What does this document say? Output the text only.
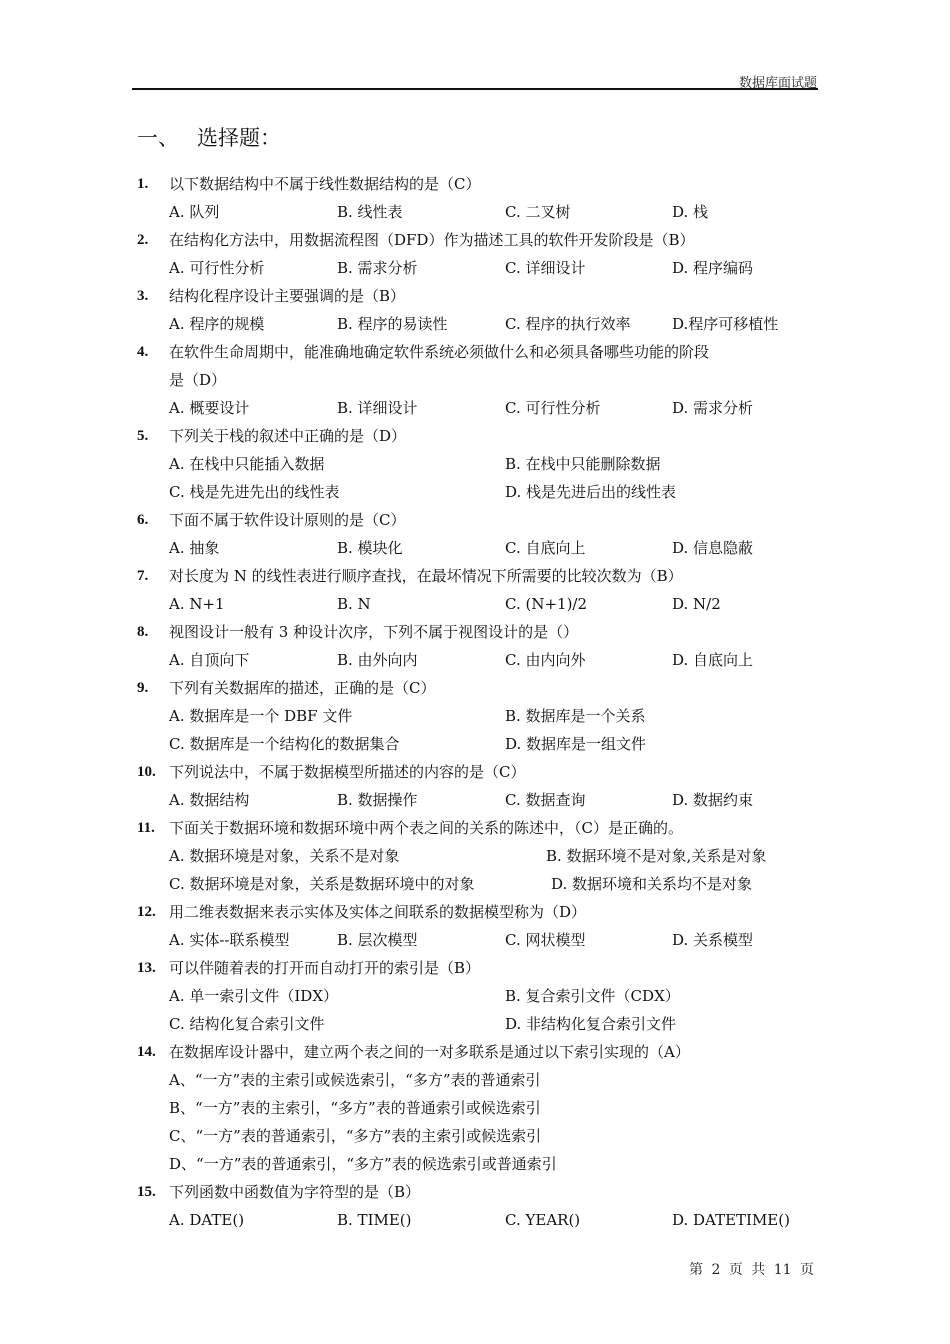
数据库面试题
一、 选择题：
1. 以下数据结构中不属于线性数据结构的是（C）
A. 队列	B. 线性表	C. 二叉树	D. 栈
2. 在结构化方法中，用数据流程图（DFD）作为描述工具的软件开发阶段是（B）
A. 可行性分析	B. 需求分析	C. 详细设计	D. 程序编码
3. 结构化程序设计主要强调的是（B）
A. 程序的规模	B. 程序的易读性	C. 程序的执行效率	D.程序可移植性
4. 在软件生命周期中，能准确地确定软件系统必须做什么和必须具备哪些功能的阶段
是（D）
A. 概要设计	B. 详细设计	C. 可行性分析	D. 需求分析
5. 下列关于栈的叙述中正确的是（D）
A. 在栈中只能插入数据	B. 在栈中只能删除数据
C. 栈是先进先出的线性表	D. 栈是先进后出的线性表
6. 下面不属于软件设计原则的是（C）
A. 抽象	B. 模块化	C. 自底向上	D. 信息隐蔽
7. 对长度为 N 的线性表进行顺序查找，在最坏情况下所需要的比较次数为（B）
A. N+1	B. N	C. (N+1)/2	D. N/2
8. 视图设计一般有 3 种设计次序，下列不属于视图设计的是（）
A. 自顶向下	B. 由外向内	C. 由内向外	D. 自底向上
9. 下列有关数据库的描述，正确的是（C）
A. 数据库是一个 DBF 文件	B. 数据库是一个关系
C. 数据库是一个结构化的数据集合	D. 数据库是一组文件
10. 下列说法中，不属于数据模型所描述的内容的是（C）
A. 数据结构	B. 数据操作	C. 数据查询	D. 数据约束
11. 下面关于数据环境和数据环境中两个表之间的关系的陈述中，（C）是正确的。
A. 数据环境是对象，关系不是对象	B. 数据环境不是对象,关系是对象
C. 数据环境是对象，关系是数据环境中的对象	D. 数据环境和关系均不是对象
12. 用二维表数据来表示实体及实体之间联系的数据模型称为（D）
A. 实体--联系模型	B. 层次模型	C. 网状模型	D. 关系模型
13. 可以伴随着表的打开而自动打开的索引是（B）
A. 单一索引文件（IDX）	B. 复合索引文件（CDX）
C. 结构化复合索引文件	D. 非结构化复合索引文件
14. 在数据库设计器中，建立两个表之间的一对多联系是通过以下索引实现的（A）
A、“一方”表的主索引或候选索引，“多方”表的普通索引
B、“一方”表的主索引，“多方”表的普通索引或候选索引
C、“一方”表的普通索引，“多方”表的主索引或候选索引
D、“一方”表的普通索引，“多方”表的候选索引或普通索引
15. 下列函数中函数值为字符型的是（B）
A. DATE()	B. TIME()	C. YEAR()	D. DATETIME()
第 2 页 共 11 页
